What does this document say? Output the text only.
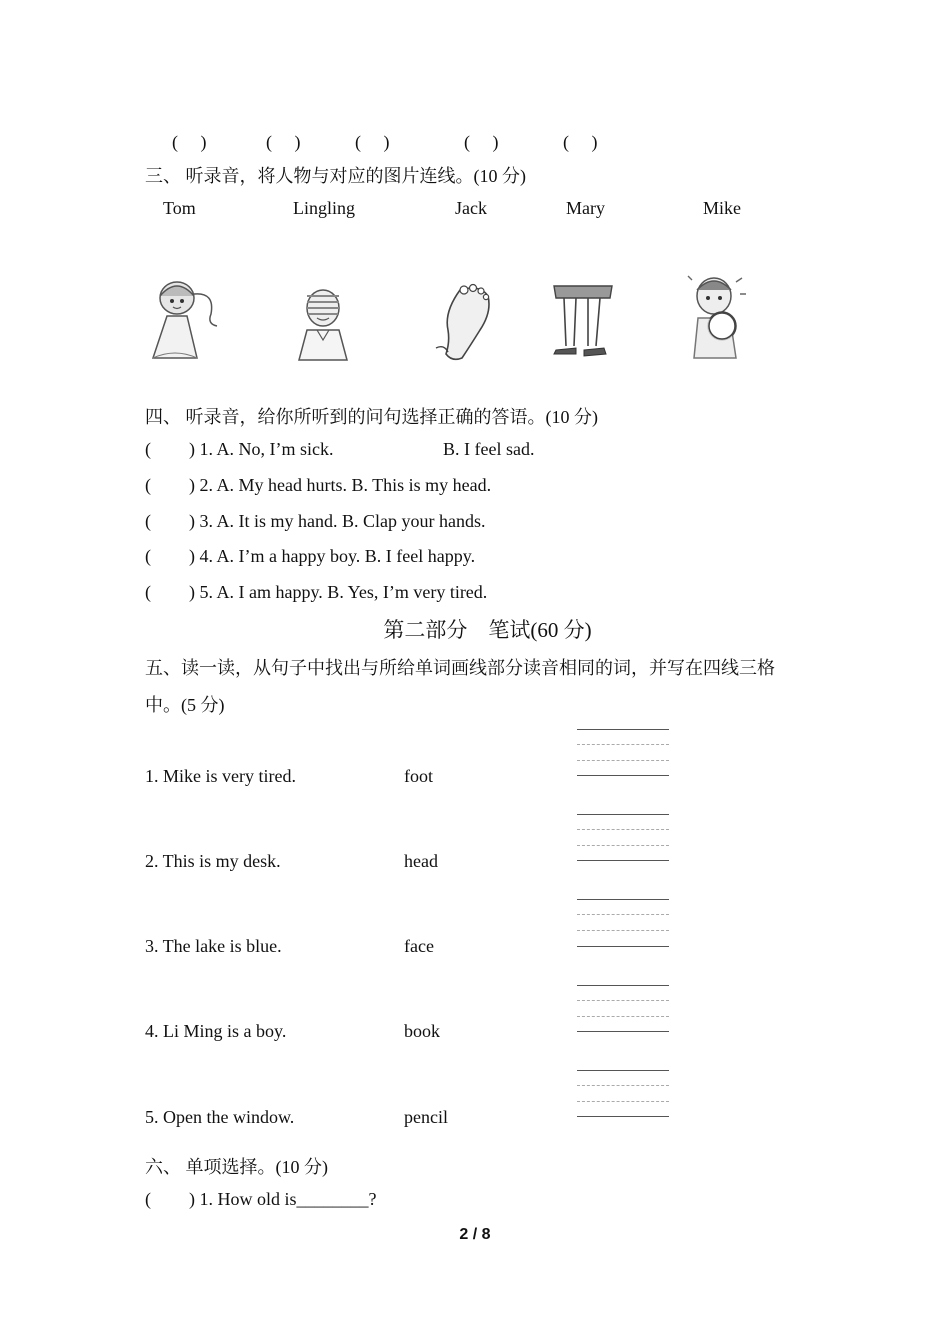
(　 )	(　 )	(　 )	(　 )	(　 )
三、 听录音，将人物与对应的图片连线。(10 分)
Tom	Lingling	Jack	Mary	Mike
四、 听录音，给你所听到的问句选择正确的答语。(10 分)
( ) 1. A. No, I’m sick.	B. I feel sad.
( ) 2. A. My head hurts. B. This is my head.
( ) 3. A. It is my hand. B. Clap your hands.
( ) 4. A. I’m a happy boy. B. I feel happy.
( ) 5. A. I am happy. B. Yes, I’m very tired.
第二部分　笔试(60 分)
五、读一读，从句子中找出与所给单词画线部分读音相同的词，并写在四线三格
中。(5 分)
1. Mike is very tired.	foot
2. This is my desk.	head
3. The lake is blue.	face
4. Li Ming is a boy.	book
5. Open the window.	pencil
六、 单项选择。(10 分)
( ) 1. How old is________?
2 / 8
